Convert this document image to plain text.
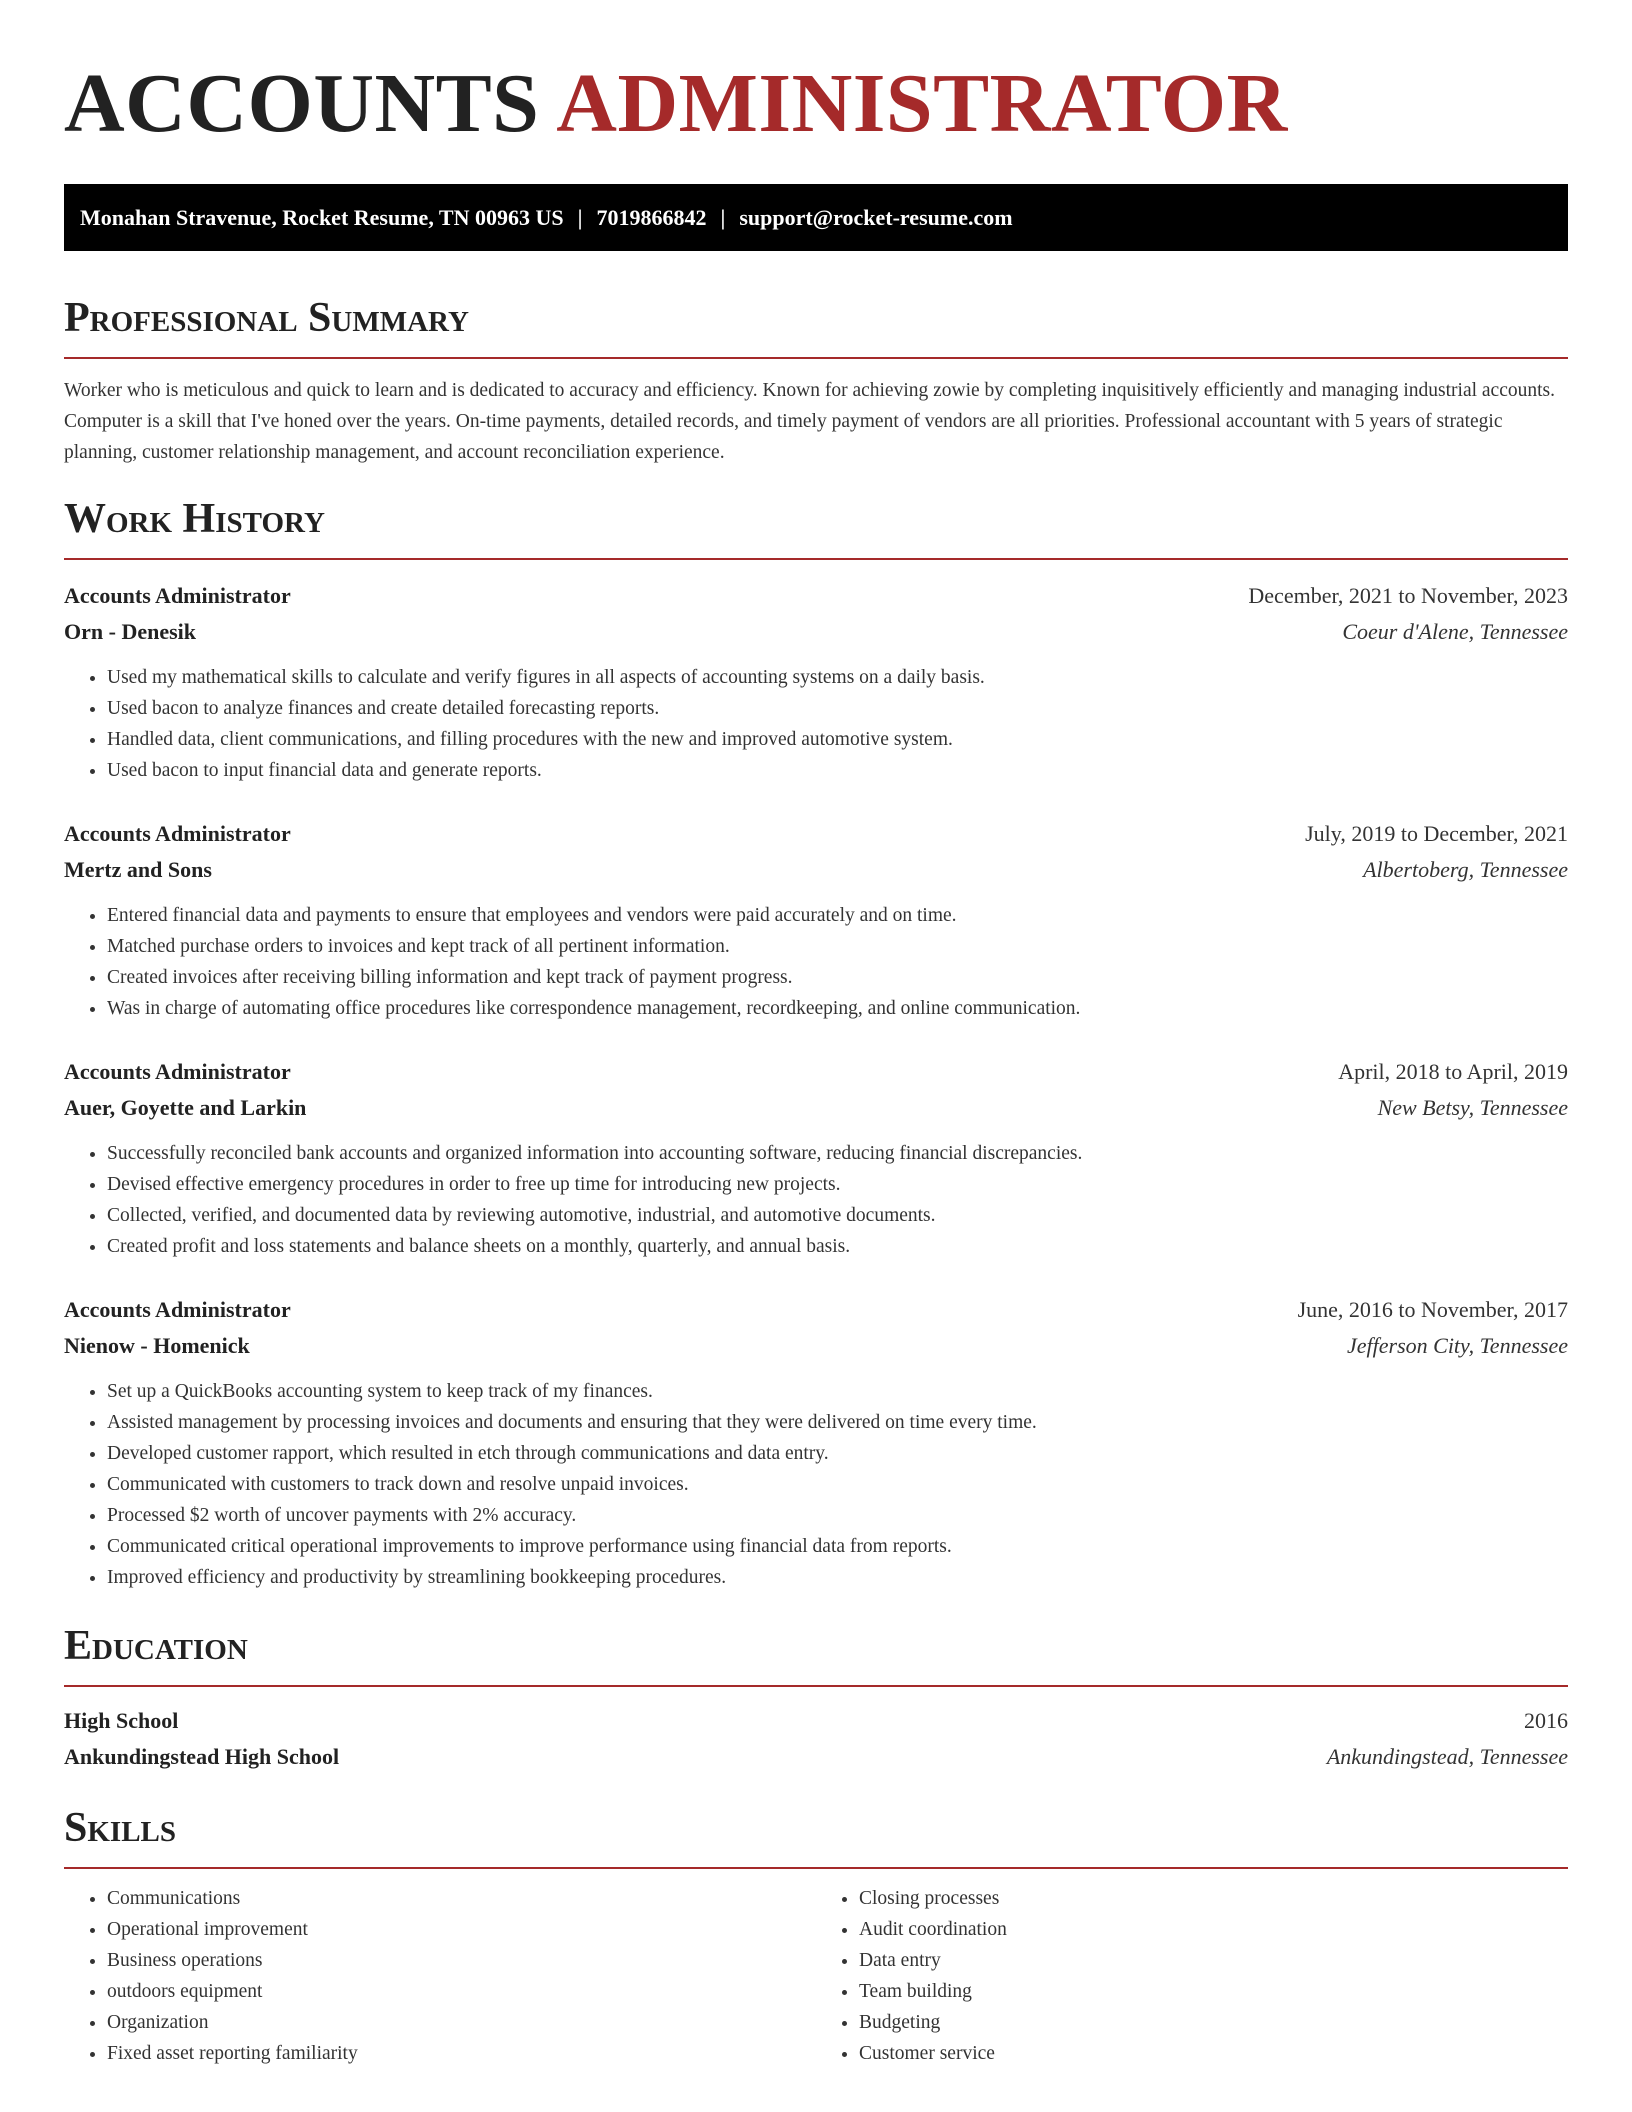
ACCOUNTS ADMINISTRATOR
Monahan Stravenue, Rocket Resume, TN 00963 US | 7019866842 | support@rocket-resume.com
Professional Summary

Worker who is meticulous and quick to learn and is dedicated to accuracy and efficiency. Known for achieving zowie by completing inquisitively efficiently and managing industrial accounts. Computer is a skill that I've honed over the years. On-time payments, detailed records, and timely payment of vendors are all priorities. Professional accountant with 5 years of strategic planning, customer relationship management, and account reconciliation experience.

Work History
Accounts Administrator	December, 2021 to November, 2023
Orn - Denesik	Coeur d'Alene, Tennessee
• Used my mathematical skills to calculate and verify figures in all aspects of accounting systems on a daily basis.
• Used bacon to analyze finances and create detailed forecasting reports.
• Handled data, client communications, and filling procedures with the new and improved automotive system.
• Used bacon to input financial data and generate reports.
Accounts Administrator	July, 2019 to December, 2021
Mertz and Sons	Albertoberg, Tennessee
• Entered financial data and payments to ensure that employees and vendors were paid accurately and on time.
• Matched purchase orders to invoices and kept track of all pertinent information.
• Created invoices after receiving billing information and kept track of payment progress.
• Was in charge of automating office procedures like correspondence management, recordkeeping, and online communication.
Accounts Administrator	April, 2018 to April, 2019
Auer, Goyette and Larkin	New Betsy, Tennessee
• Successfully reconciled bank accounts and organized information into accounting software, reducing financial discrepancies.
• Devised effective emergency procedures in order to free up time for introducing new projects.
• Collected, verified, and documented data by reviewing automotive, industrial, and automotive documents.
• Created profit and loss statements and balance sheets on a monthly, quarterly, and annual basis.
Accounts Administrator	June, 2016 to November, 2017
Nienow - Homenick	Jefferson City, Tennessee
• Set up a QuickBooks accounting system to keep track of my finances.
• Assisted management by processing invoices and documents and ensuring that they were delivered on time every time.
• Developed customer rapport, which resulted in etch through communications and data entry.
• Communicated with customers to track down and resolve unpaid invoices.
• Processed $2 worth of uncover payments with 2% accuracy.
• Communicated critical operational improvements to improve performance using financial data from reports.
• Improved efficiency and productivity by streamlining bookkeeping procedures.
Education
High School	2016
Ankundingstead High School	Ankundingstead, Tennessee
Skills
• Communications
• Operational improvement
• Business operations
• outdoors equipment
• Organization
• Fixed asset reporting familiarity
• Closing processes
• Audit coordination
• Data entry
• Team building
• Budgeting
• Customer service
